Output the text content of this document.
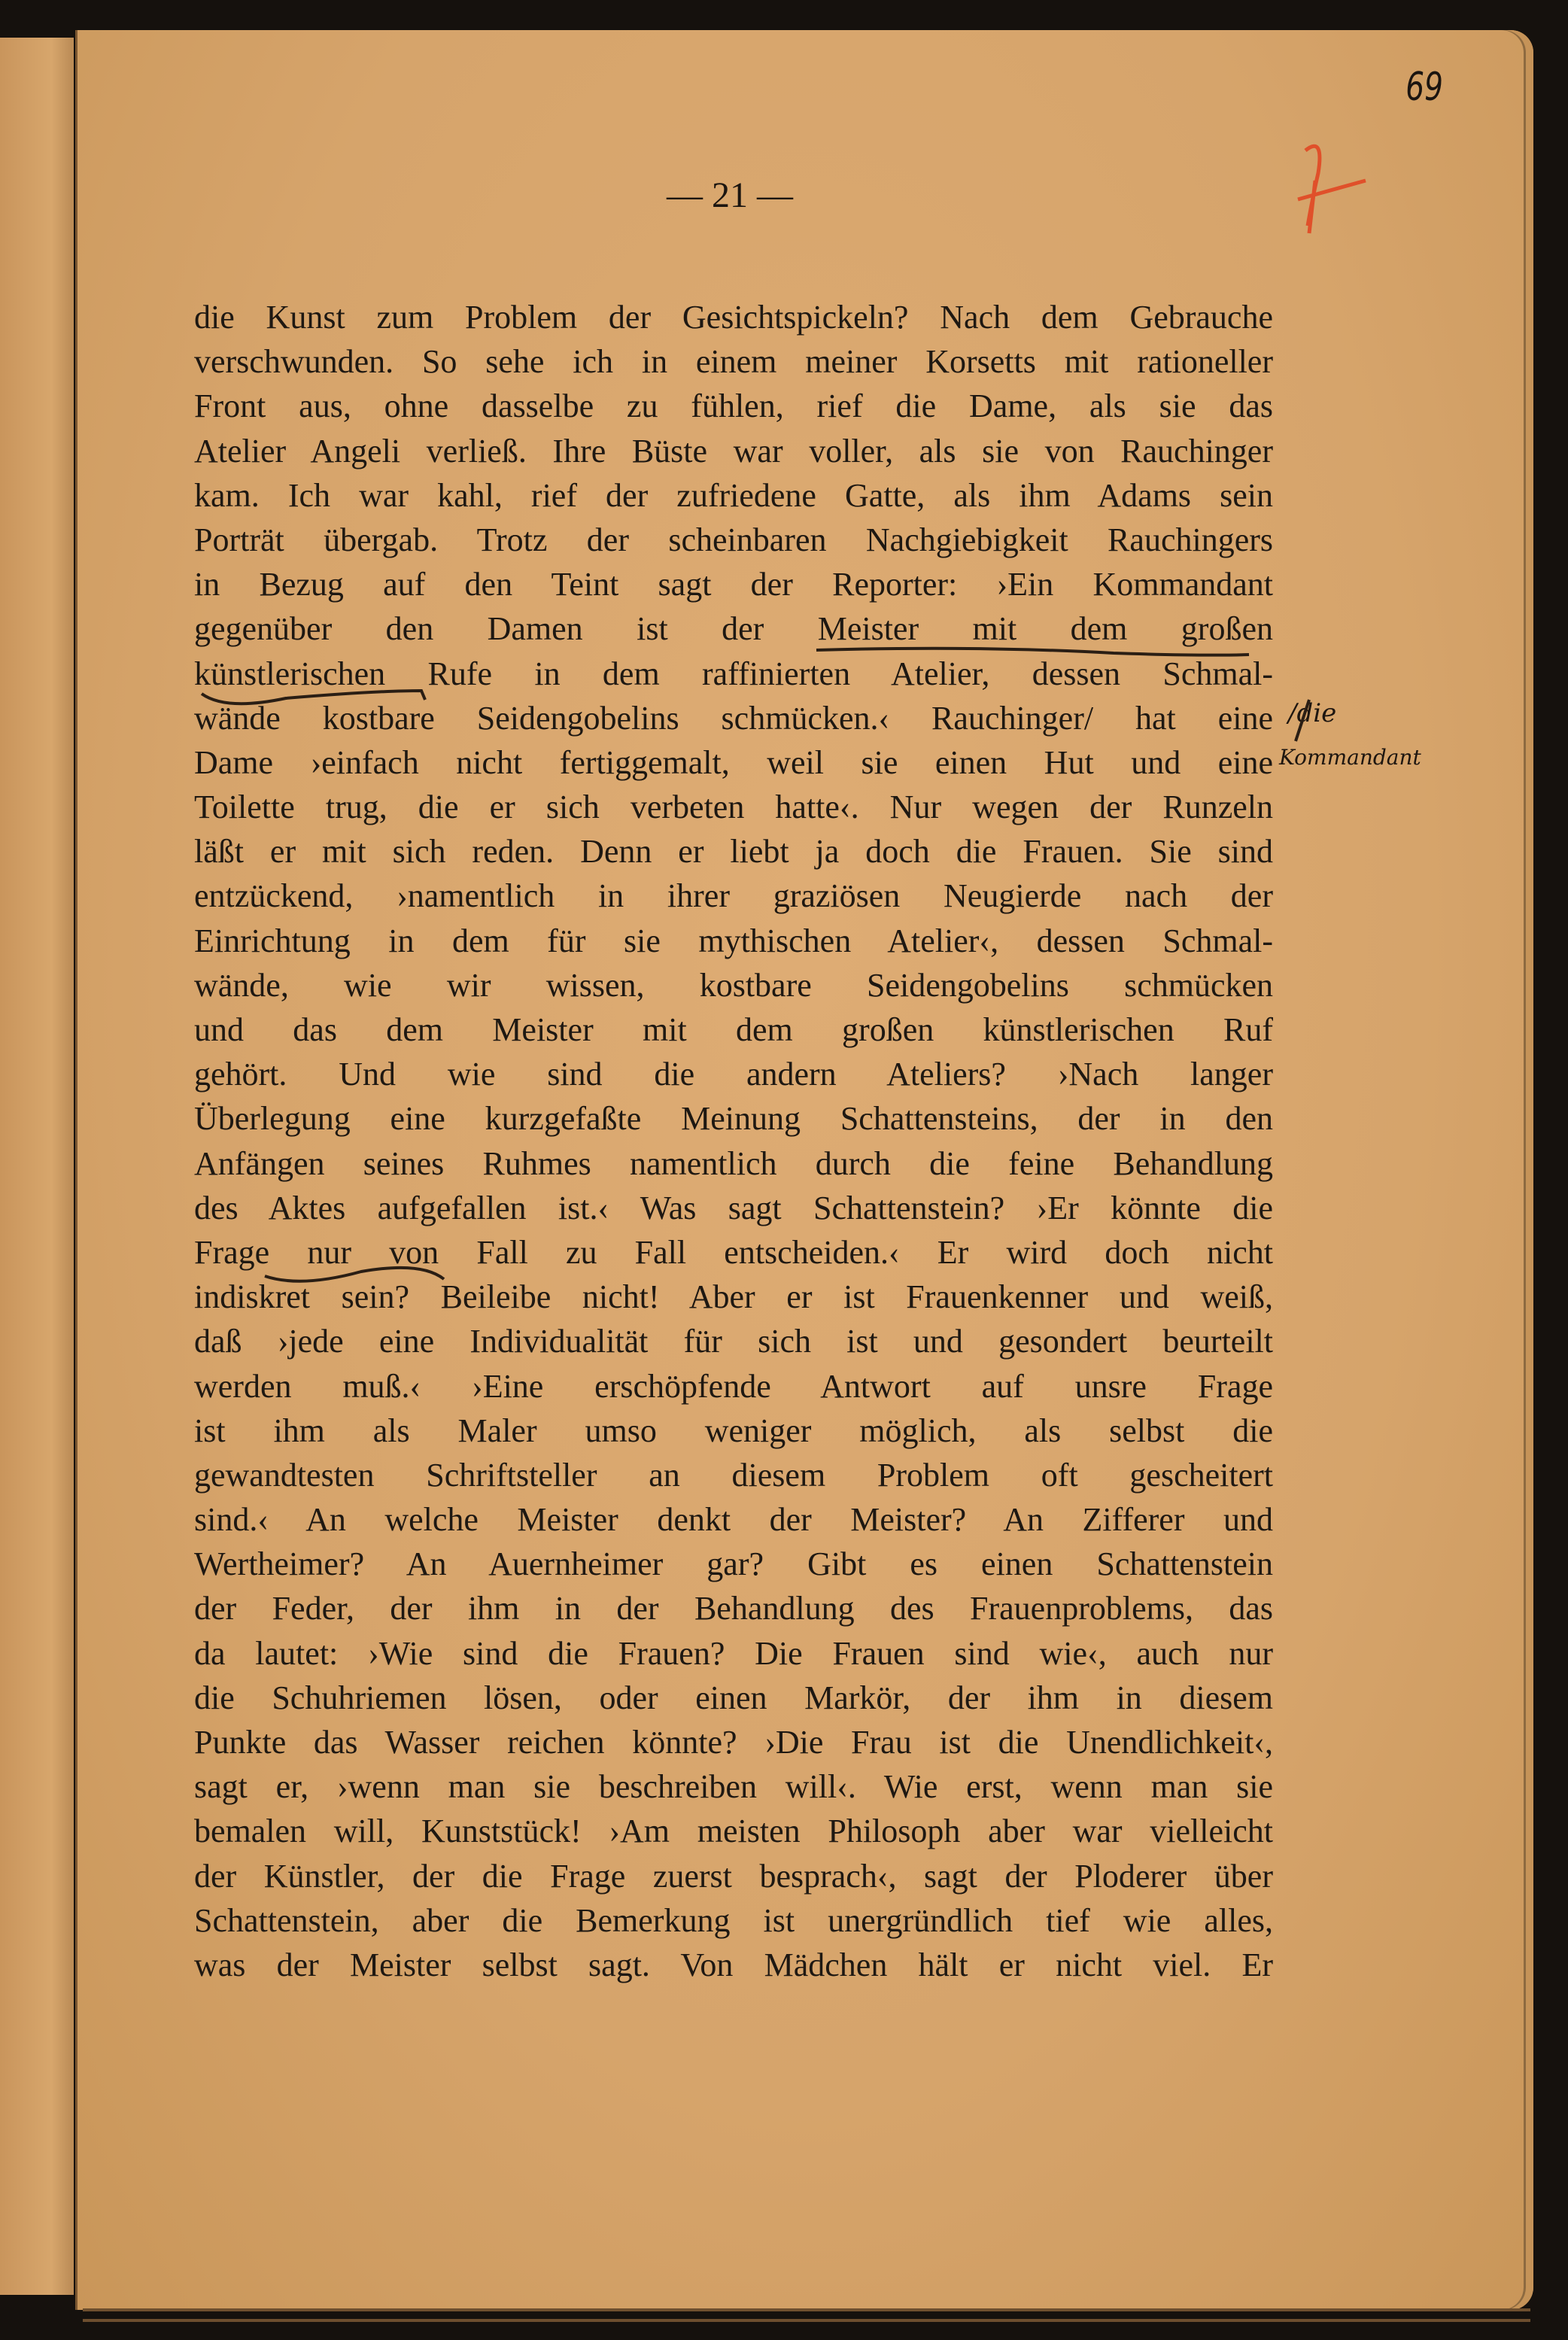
— 21 —
69
die Kunst zum Problem der Gesichtspickeln? Nach dem Gebrauche
verschwunden. So sehe ich in einem meiner Korsetts mit rationeller
Front aus, ohne dasselbe zu fühlen, rief die Dame, als sie das
Atelier Angeli verließ. Ihre Büste war voller, als sie von Rauchinger
kam. Ich war kahl, rief der zufriedene Gatte, als ihm Adams sein
Porträt übergab. Trotz der scheinbaren Nachgiebigkeit Rauchingers
in Bezug auf den Teint sagt der Reporter: ›Ein Kommandant
gegenüber den Damen ist der Meister mit dem großen
künstlerischen Rufe in dem raffinierten Atelier, dessen Schmal-
wände kostbare Seidengobelins schmücken.‹ Rauchinger/ hat eine
Dame ›einfach nicht fertiggemalt, weil sie einen Hut und eine
Toilette trug, die er sich verbeten hatte‹. Nur wegen der Runzeln
läßt er mit sich reden. Denn er liebt ja doch die Frauen. Sie sind
entzückend, ›namentlich in ihrer graziösen Neugierde nach der
Einrichtung in dem für sie mythischen Atelier‹, dessen Schmal-
wände, wie wir wissen, kostbare Seidengobelins schmücken
und das dem Meister mit dem großen künstlerischen Ruf
gehört. Und wie sind die andern Ateliers? ›Nach langer
Überlegung eine kurzgefaßte Meinung Schattensteins, der in den
Anfängen seines Ruhmes namentlich durch die feine Behandlung
des Aktes aufgefallen ist.‹ Was sagt Schattenstein? ›Er könnte die
Frage nur von Fall zu Fall entscheiden.‹ Er wird doch nicht
indiskret sein? Beileibe nicht! Aber er ist Frauenkenner und weiß,
daß ›jede eine Individualität für sich ist und gesondert beurteilt
werden muß.‹ ›Eine erschöpfende Antwort auf unsre Frage
ist ihm als Maler umso weniger möglich, als selbst die
gewandtesten Schriftsteller an diesem Problem oft gescheitert
sind.‹ An welche Meister denkt der Meister? An Zifferer und
Wertheimer? An Auernheimer gar? Gibt es einen Schattenstein
der Feder, der ihm in der Behandlung des Frauenproblems, das
da lautet: ›Wie sind die Frauen? Die Frauen sind wie‹, auch nur
die Schuhriemen lösen, oder einen Markör, der ihm in diesem
Punkte das Wasser reichen könnte? ›Die Frau ist die Unendlichkeit‹,
sagt er, ›wenn man sie beschreiben will‹. Wie erst, wenn man sie
bemalen will, Kunststück! ›Am meisten Philosoph aber war vielleicht
der Künstler, der die Frage zuerst besprach‹, sagt der Ploderer über
Schattenstein, aber die Bemerkung ist unergründlich tief wie alles,
was der Meister selbst sagt. Von Mädchen hält er nicht viel. Er
/die
Kommandant
